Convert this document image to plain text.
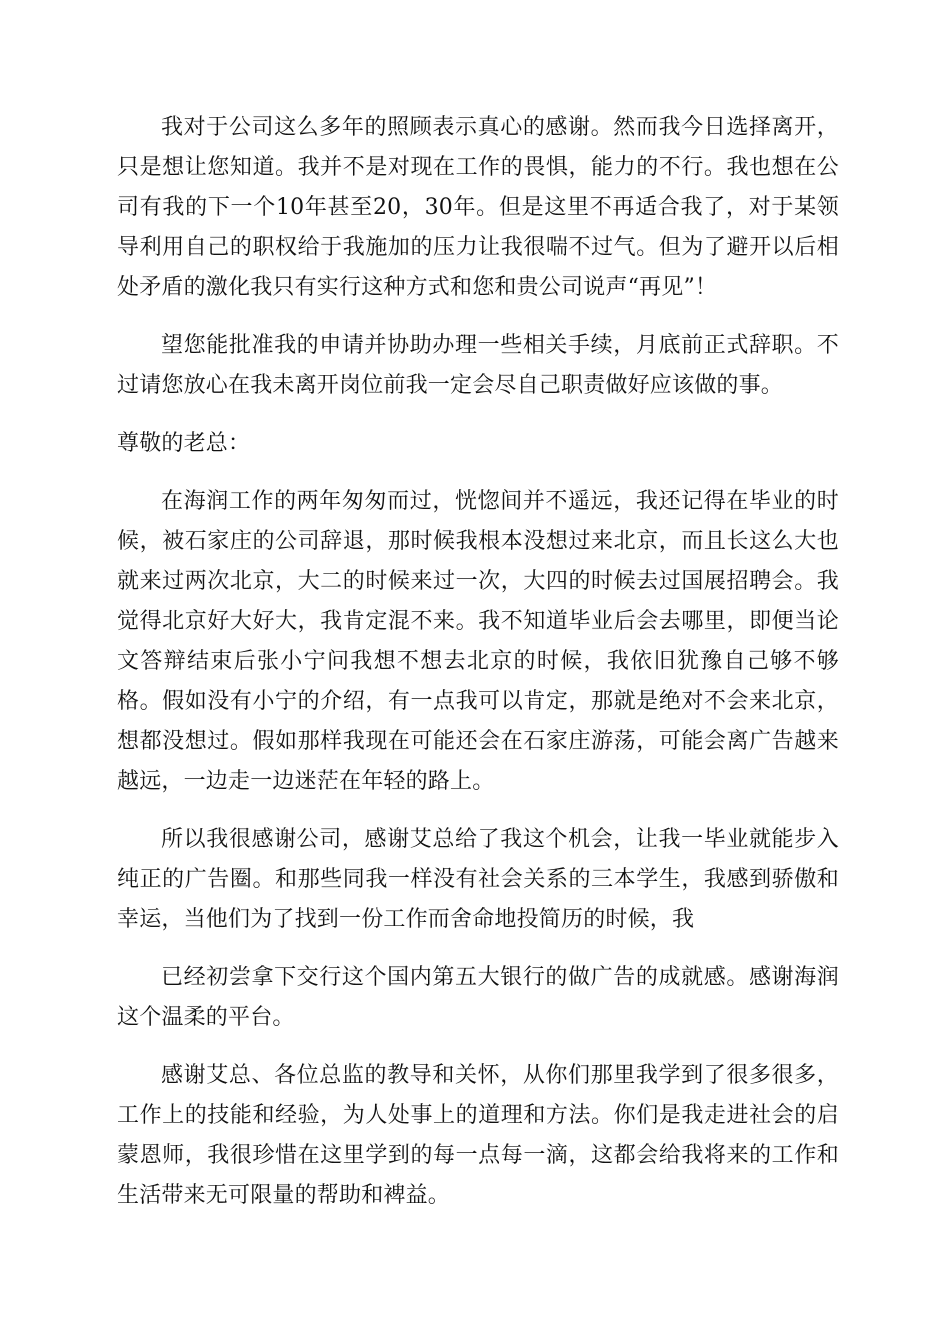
我对于公司这么多年的照顾表示真心的感谢。然而我今日选择离开，只是想让您知道。我并不是对现在工作的畏惧，能力的不行。我也想在公司有我的下一个10年甚至20，30年。但是这里不再适合我了，对于某领导利用自己的职权给于我施加的压力让我很喘不过气。但为了避开以后相处矛盾的激化我只有实行这种方式和您和贵公司说声“再见”！

望您能批准我的申请并协助办理一些相关手续，月底前正式辞职。不过请您放心在我未离开岗位前我一定会尽自己职责做好应该做的事。

尊敬的老总：

在海润工作的两年匆匆而过，恍惚间并不遥远，我还记得在毕业的时候，被石家庄的公司辞退，那时候我根本没想过来北京，而且长这么大也就来过两次北京，大二的时候来过一次，大四的时候去过国展招聘会。我觉得北京好大好大，我肯定混不来。我不知道毕业后会去哪里，即便当论文答辩结束后张小宁问我想不想去北京的时候，我依旧犹豫自己够不够格。假如没有小宁的介绍，有一点我可以肯定，那就是绝对不会来北京，想都没想过。假如那样我现在可能还会在石家庄游荡，可能会离广告越来越远，一边走一边迷茫在年轻的路上。

所以我很感谢公司，感谢艾总给了我这个机会，让我一毕业就能步入纯正的广告圈。和那些同我一样没有社会关系的三本学生，我感到骄傲和幸运，当他们为了找到一份工作而舍命地投简历的时候，我

已经初尝拿下交行这个国内第五大银行的做广告的成就感。感谢海润这个温柔的平台。

感谢艾总、各位总监的教导和关怀，从你们那里我学到了很多很多，工作上的技能和经验，为人处事上的道理和方法。你们是我走进社会的启蒙恩师，我很珍惜在这里学到的每一点每一滴，这都会给我将来的工作和生活带来无可限量的帮助和裨益。
